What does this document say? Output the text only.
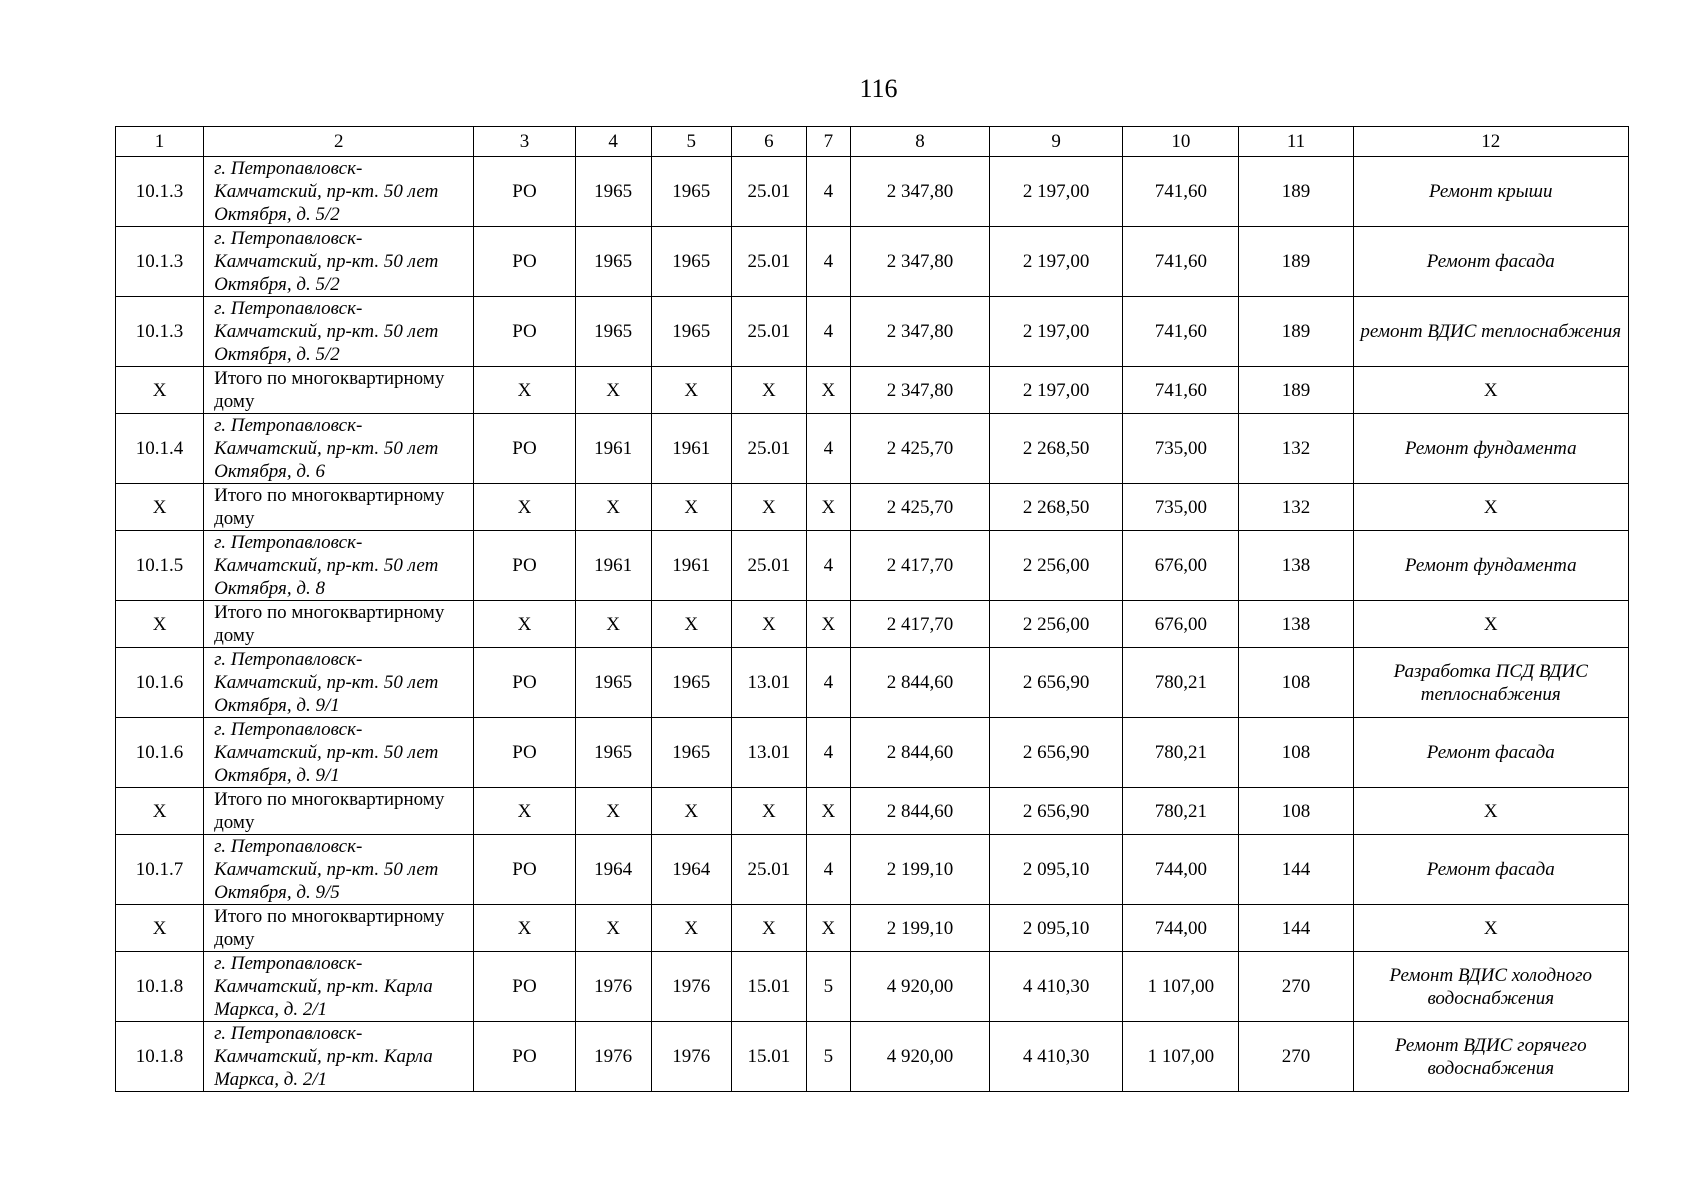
116
1	2	3	4	5	6	7	8	9	10	11	12
10.1.3	г. Петропавловск-Камчатский, пр-кт. 50 лет Октября, д. 5/2	РО	1965	1965	25.01	4	2 347,80	2 197,00	741,60	189	Ремонт крыши
10.1.3	г. Петропавловск-Камчатский, пр-кт. 50 лет Октября, д. 5/2	РО	1965	1965	25.01	4	2 347,80	2 197,00	741,60	189	Ремонт фасада
10.1.3	г. Петропавловск-Камчатский, пр-кт. 50 лет Октября, д. 5/2	РО	1965	1965	25.01	4	2 347,80	2 197,00	741,60	189	ремонт ВДИС теплоснабжения
X	Итого по многоквартирному дому	X	X	X	X	X	2 347,80	2 197,00	741,60	189	X
10.1.4	г. Петропавловск-Камчатский, пр-кт. 50 лет Октября, д. 6	РО	1961	1961	25.01	4	2 425,70	2 268,50	735,00	132	Ремонт фундамента
X	Итого по многоквартирному дому	X	X	X	X	X	2 425,70	2 268,50	735,00	132	X
10.1.5	г. Петропавловск-Камчатский, пр-кт. 50 лет Октября, д. 8	РО	1961	1961	25.01	4	2 417,70	2 256,00	676,00	138	Ремонт фундамента
X	Итого по многоквартирному дому	X	X	X	X	X	2 417,70	2 256,00	676,00	138	X
10.1.6	г. Петропавловск-Камчатский, пр-кт. 50 лет Октября, д. 9/1	РО	1965	1965	13.01	4	2 844,60	2 656,90	780,21	108	Разработка ПСД ВДИС теплоснабжения
10.1.6	г. Петропавловск-Камчатский, пр-кт. 50 лет Октября, д. 9/1	РО	1965	1965	13.01	4	2 844,60	2 656,90	780,21	108	Ремонт фасада
X	Итого по многоквартирному дому	X	X	X	X	X	2 844,60	2 656,90	780,21	108	X
10.1.7	г. Петропавловск-Камчатский, пр-кт. 50 лет Октября, д. 9/5	РО	1964	1964	25.01	4	2 199,10	2 095,10	744,00	144	Ремонт фасада
X	Итого по многоквартирному дому	X	X	X	X	X	2 199,10	2 095,10	744,00	144	X
10.1.8	г. Петропавловск-Камчатский, пр-кт. Карла Маркса, д. 2/1	РО	1976	1976	15.01	5	4 920,00	4 410,30	1 107,00	270	Ремонт ВДИС холодного водоснабжения
10.1.8	г. Петропавловск-Камчатский, пр-кт. Карла Маркса, д. 2/1	РО	1976	1976	15.01	5	4 920,00	4 410,30	1 107,00	270	Ремонт ВДИС горячего водоснабжения
